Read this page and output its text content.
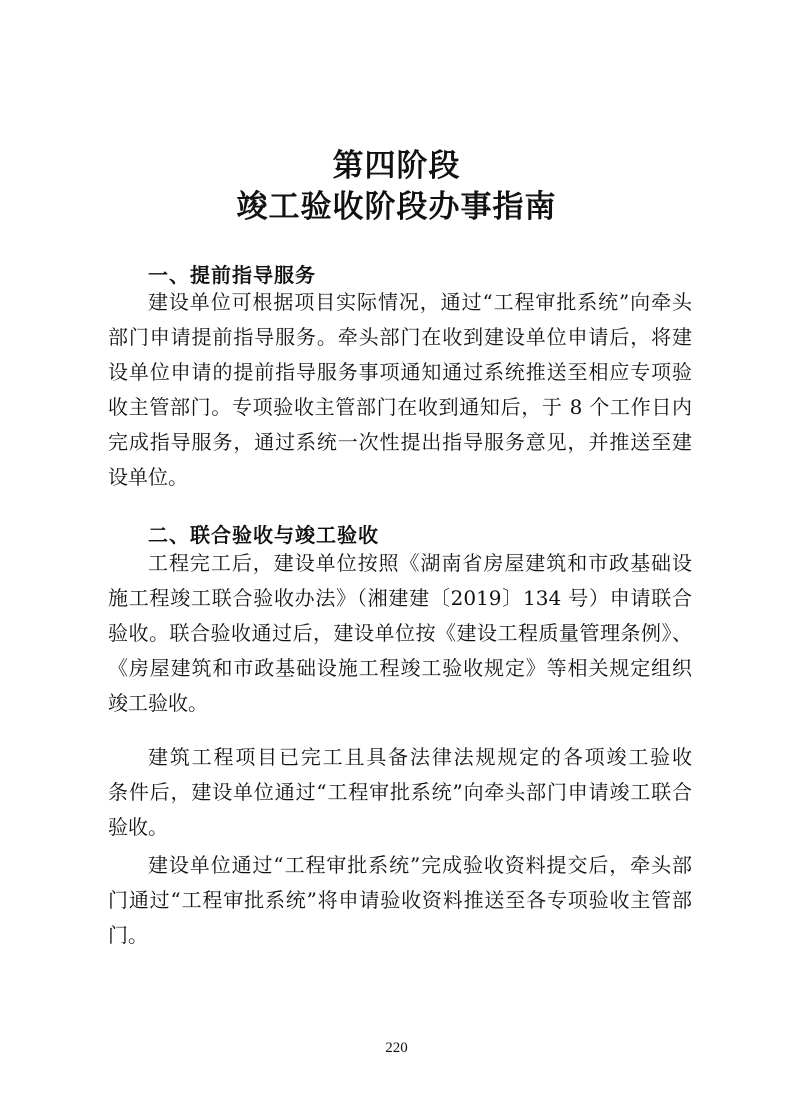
第四阶段
竣工验收阶段办事指南
一、提前指导服务

建设单位可根据项目实际情况，通过“工程审批系统”向牵头
部门申请提前指导服务。牵头部门在收到建设单位申请后，将建
设单位申请的提前指导服务事项通知通过系统推送至相应专项验
收主管部门。专项验收主管部门在收到通知后，于 8 个工作日内
完成指导服务，通过系统一次性提出指导服务意见，并推送至建
设单位。

二、联合验收与竣工验收

工程完工后，建设单位按照《湖南省房屋建筑和市政基础设
施工程竣工联合验收办法》（湘建建〔2019〕134 号）申请联合
验收。联合验收通过后，建设单位按《建设工程质量管理条例》、
《房屋建筑和市政基础设施工程竣工验收规定》等相关规定组织
竣工验收。

建筑工程项目已完工且具备法律法规规定的各项竣工验收
条件后，建设单位通过“工程审批系统”向牵头部门申请竣工联合
验收。

建设单位通过“工程审批系统”完成验收资料提交后，牵头部
门通过“工程审批系统”将申请验收资料推送至各专项验收主管部
门。

220
